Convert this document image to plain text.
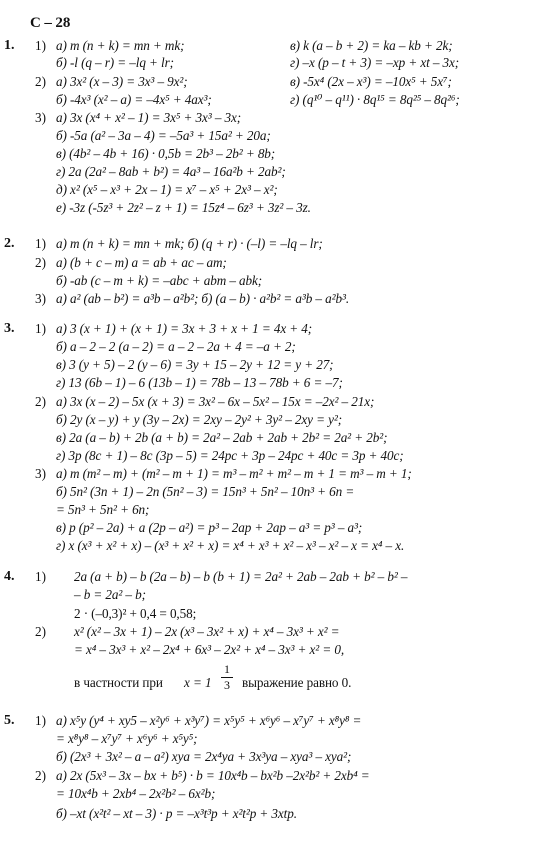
С – 28
1. 1) а) m (n + k) = mn + mk;	в) k (a – b + 2) = ka – kb + 2k;
б) -l (q – r) = –lq + lr;	г) –x (p – t + 3) = –xp + xt – 3x;
2) а) 3x² (x – 3) = 3x³ – 9x²;	в) -5x⁴ (2x – x³) = –10x⁵ + 5x⁷;
б) -4x³ (x² – a) = –4x⁵ + 4ax³;	г) (q¹⁰ – q¹¹) · 8q¹⁵ = 8q²⁵ – 8q²⁶;
3) а) 3x (x⁴ + x² – 1) = 3x⁵ + 3x³ – 3x;
б) -5a (a² – 3a – 4) = –5a³ + 15a² + 20a;
в) (4b² – 4b + 16) · 0,5b = 2b³ – 2b² + 8b;
г) 2a (2a² – 8ab + b²) = 4a³ – 16a²b + 2ab²;
д) x² (x⁵ – x³ + 2x – 1) = x⁷ – x⁵ + 2x³ – x²;
е) -3z (-5z³ + 2z² – z + 1) = 15z⁴ – 6z³ + 3z² – 3z.
2. 1) а) m (n + k) = mn + mk; б) (q + r) · (–l) = –lq – lr;
2) а) (b + c – m) a = ab + ac – am;
б) -ab (c – m + k) = –abc + abm – abk;
3) а) a² (ab – b²) = a³b – a²b²; б) (a – b) · a²b² = a³b – a²b³.
3. 1) а) 3 (x + 1) + (x + 1) = 3x + 3 + x + 1 = 4x + 4;
б) a – 2 – 2 (a – 2) = a – 2 – 2a + 4 = –a + 2;
в) 3 (y + 5) – 2 (y – 6) = 3y + 15 – 2y + 12 = y + 27;
г) 13 (6b – 1) – 6 (13b – 1) = 78b – 13 – 78b + 6 = –7;
2) а) 3x (x – 2) – 5x (x + 3) = 3x² – 6x – 5x² – 15x = –2x² – 21x;
б) 2y (x – y) + y (3y – 2x) = 2xy – 2y² + 3y² – 2xy = y²;
в) 2a (a – b) + 2b (a + b) = 2a² – 2ab + 2ab + 2b² = 2a² + 2b²;
г) 3p (8c + 1) – 8c (3p – 5) = 24pc + 3p – 24pc + 40c = 3p + 40c;
3) а) m (m² – m) + (m² – m + 1) = m³ – m² + m² – m + 1 = m³ – m + 1;
б) 5n² (3n + 1) – 2n (5n² – 3) = 15n³ + 5n² – 10n³ + 6n =
= 5n³ + 5n² + 6n;
в) p (p² – 2a) + a (2p – a²) = p³ – 2ap + 2ap – a³ = p³ – a³;
г) x (x³ + x² + x) – (x³ + x² + x) = x⁴ + x³ + x² – x³ – x² – x = x⁴ – x.
4. 1) 2a (a + b) – b (2a – b) – b (b + 1) = 2a² + 2ab – 2ab + b² – b² –
– b = 2a² – b;
2 · (–0,3)² + 0,4 = 0,58;
2) x² (x² – 3x + 1) – 2x (x³ – 3x² + x) + x⁴ – 3x³ + x² =
= x⁴ – 3x³ + x² – 2x⁴ + 6x³ – 2x² + x⁴ – 3x³ + x² = 0,
в частности при x = 1
1
3 выражение равно 0.
5. 1) а) x⁵y (y⁴ + xy5 – x²y⁶ + x³y⁷) = x⁵y⁵ + x⁶y⁶ – x⁷y⁷ + x⁸y⁸ =
= x⁸y⁸ – x⁷y⁷ + x⁶y⁶ + x⁵y⁵;
б) (2x³ + 3x² – a – a²) xya = 2x⁴ya + 3x³ya – xya³ – xya²;
2) а) 2x (5x³ – 3x – bx + b⁵) · b = 10x⁴b – bx²b –2x²b² + 2xb⁴ =
= 10x⁴b + 2xb⁴ – 2x²b² – 6x²b;
б) –xt (x²t² – xt – 3) · p = –x³t³p + x²t²p + 3xtp.
